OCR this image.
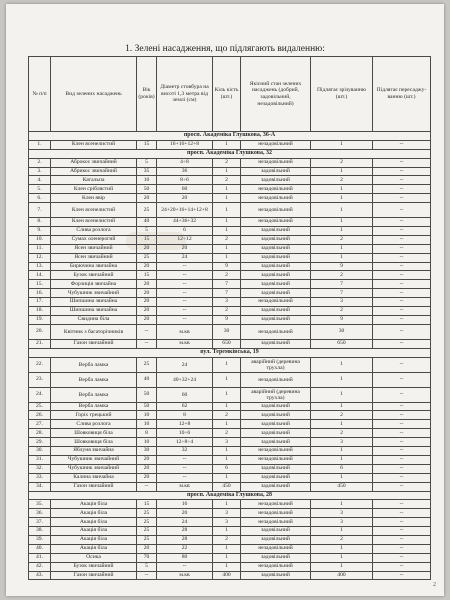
1. Зелені насадження, що підлягають видаленню:
№ п/п	Вид зелених насаджень	Вік (років)	Діаметр стовбура на висоті 1,3 метра від землі (см)	Кіль кість (шт.)	Якісний стан зелених насаджень (добрий, задовільний, незадовільний)	Підлягає зрізуванню (шт.)	Підлягає пересаджу- ванню (шт.)
просп. Академіка Глушкова, 36-А							
1.	Клен ясенелистий	15	16+16+12+8	1	незадовільний	1	--
просп. Академіка Глушкова, 32							
2.	Аброкос звичайний	5	4÷8	2	незадовільний	2	--
3.	Абрикос звичайний	35	36	1	задовільний	1	--
4.	Катальпа	10	8÷6	2	задовільний	2	--
5.	Клен сріблястий	50	60	1	незадовільний	1	--
6.	Клен явір	20	20	1	незадовільний	1	--
7.	Клен ясенелистий	25	24+20+16+14+12+8	1	незадовільний	1	--
8.	Клен ясенелистий	40	44+36+32	1	незадовільний	1	--
9.	Слива розлога	5	6	1	задовільний	1	--
10.	Сумах оленерогий	15	12÷12	2	задовільний	2	--
11.	Ясен звичайний	20	20	1	задовільний	1	--
12.	Ясен звичайний	25	24	1	задовільний	1	--
13.	Бирючина звичайна	20	--	9	задовільний	9	--
14.	Бузок звичайний	15	--	2	задовільний	2	--
15.	Форзиція звичайна	20	--	7	задовільний	7	--
16.	Чубушник звичайний	20	--	7	задовільний	7	--
17.	Шипшина звичайна	20	--	3	незадовільний	3	--
18.	Шипшина звичайна	20	--	2	задовільний	2	--
19.	Свидина біла	20	--	9	задовільний	9	--
20.	Квітник з багаторічників	--	м.кв	30	незадовільний	30	--
21.	Газон звичайний	--	м.кв	650	задовільний	650	--
вул. Теремківська, 19							
22.	Верба ламка	25	24	1	аварійний (деревина трухла)	1	--
23.	Верба ламка	40	40+32+24	1	незадовільний	1	--
24.	Верба ламка	50	60	1	аварійний (деревина трухла)	1	--
25.	Верба ламка	50	62	1	задовільний	1	--
26.	Горіх грецький	10	8	2	задовільний	2	--
27.	Слива розлога	10	12+8	1	задовільний	1	--
28.	Шовковиця біла	8	10÷6	2	задовільний	2	--
29.	Шовковиця біла	10	12÷8÷4	3	задовільний	3	--
30.	Яблуня звичайна	30	32	1	незадовільний	1	--
31.	Чубушник звичайний	20	--	1	незадовільний	1	--
32.	Чубушник звичайний	20	--	6	задовільний	6	--
33.	Калина звичайна	20	--	1	задовільний	1	--
34.	Газон звичайний	--	м.кв	450	задовільний	450	--
просп. Академіка Глушкова, 28							
35.	Акація біла	15	16	1	незадовільний	1	--
36.	Акація біла	25	20	3	незадовільний	3	--
37.	Акація біла	25	24	3	незадовільний	3	--
38.	Акація біла	25	28	1	задовільний	1	--
39.	Акація біла	25	28	2	задовільний	2	--
40.	Акація біла	20	22	1	незадовільний	1	--
41.	Осика	70	80	1	задовільний	1	--
42.	Бузок звичайний	5	--	1	незадовільний	1	--
43.	Газон звичайний	--	м.кв	400	задовільний	400	--
2
